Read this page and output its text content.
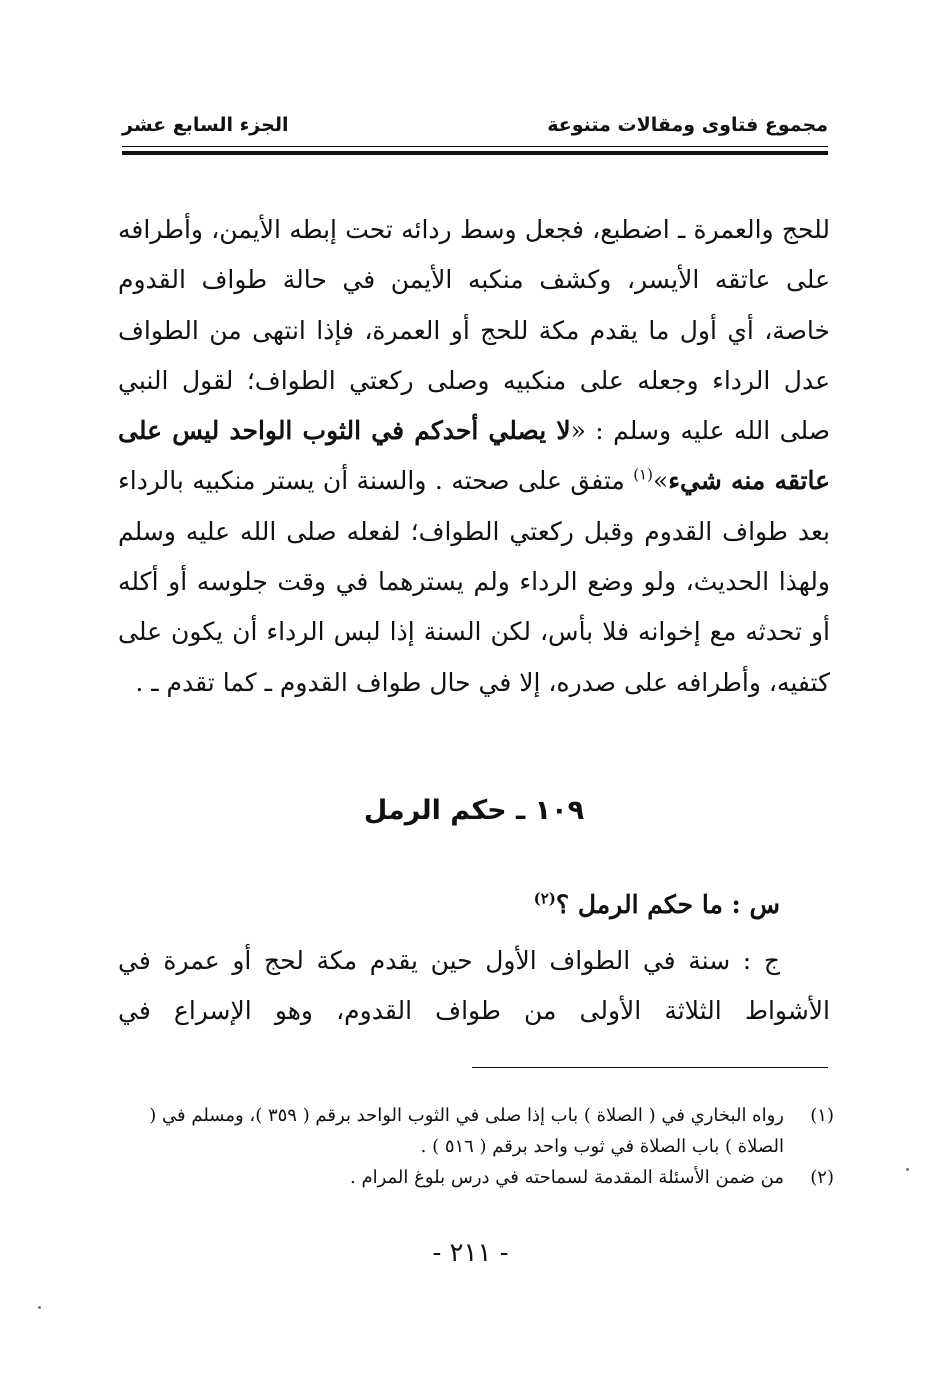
مجموع فتاوى ومقالات متنوعة
الجزء السابع عشر

للحج والعمرة ـ اضطبع، فجعل وسط ردائه تحت إبطه الأيمن، وأطرافه على عاتقه الأيسر، وكشف منكبه الأيمن في حالة طواف القدوم خاصة، أي أول ما يقدم مكة للحج أو العمرة، فإذا انتهى من الطواف عدل الرداء وجعله على منكبيه وصلى ركعتي الطواف؛ لقول النبي صلى الله عليه وسلم : «لا يصلي أحدكم في الثوب الواحد ليس على عاتقه منه شيء»$^{(١)}$ متفق على صحته . والسنة أن يستر منكبيه بالرداء بعد طواف القدوم وقبل ركعتي الطواف؛ لفعله صلى الله عليه وسلم ولهذا الحديث، ولو وضع الرداء ولم يسترهما في وقت جلوسه أو أكله أو تحدثه مع إخوانه فلا بأس، لكن السنة إذا لبس الرداء أن يكون على كتفيه، وأطرافه على صدره، إلا في حال طواف القدوم ـ كما تقدم ـ .

١٠٩ ـ حكم الرمل

س : ما حكم الرمل ؟$^{(٢)}$

ج : سنة في الطواف الأول حين يقدم مكة لحج أو عمرة في الأشواط الثلاثة الأولى من طواف القدوم، وهو الإسراع في

(١)
رواه البخاري في ( الصلاة ) باب إذا صلى في الثوب الواحد برقم ( ٣٥٩ )، ومسلم في ( الصلاة ) باب الصلاة في ثوب واحد برقم ( ٥١٦ ) .
(٢)
من ضمن الأسئلة المقدمة لسماحته في درس بلوغ المرام .
- ٢١١ -
